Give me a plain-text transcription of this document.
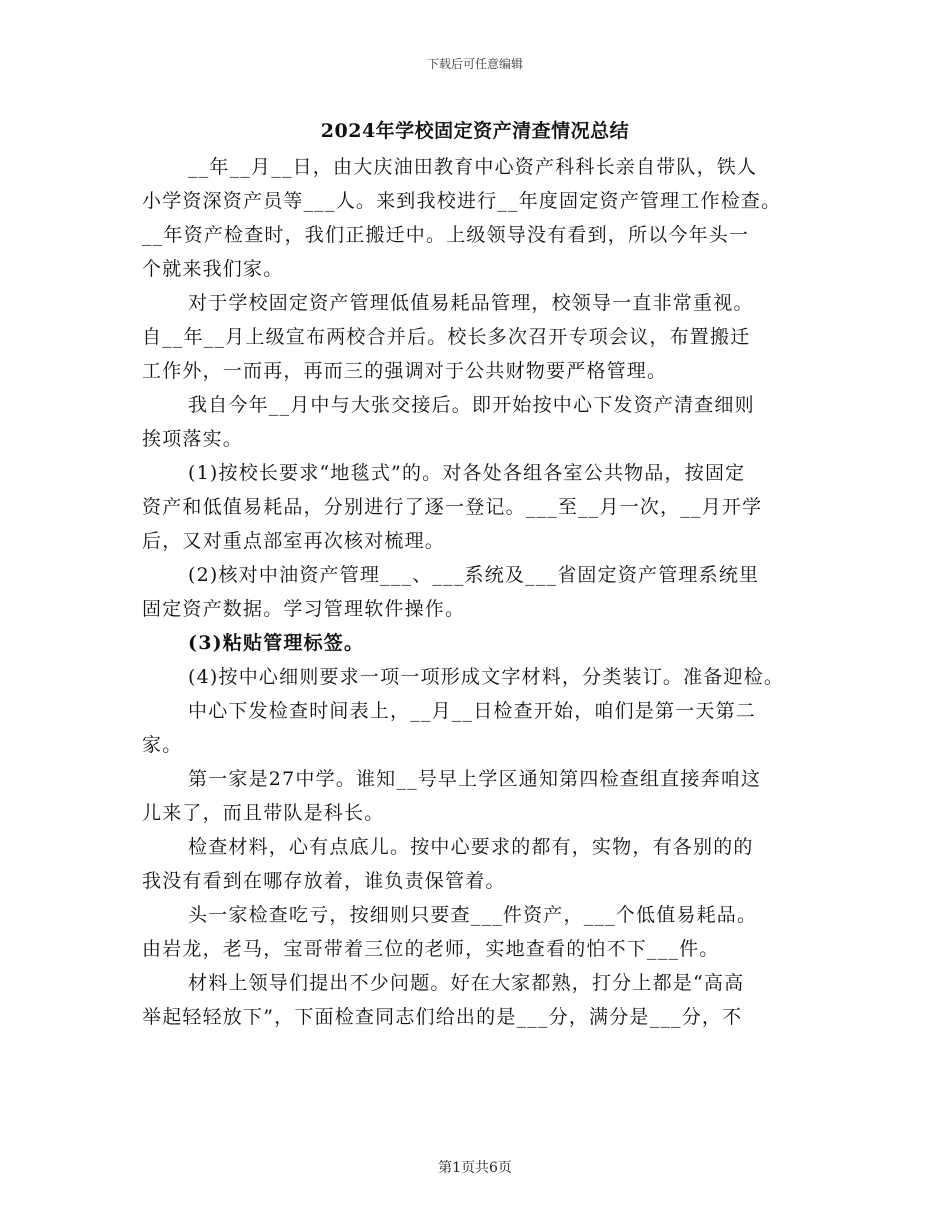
下载后可任意编辑
2024年学校固定资产清查情况总结

__年__月__日，由大庆油田教育中心资产科科长亲自带队，铁人

小学资深资产员等___人。来到我校进行__年度固定资产管理工作检查。

__年资产检查时，我们正搬迁中。上级领导没有看到，所以今年头一

个就来我们家。

对于学校固定资产管理低值易耗品管理，校领导一直非常重视。

自__年__月上级宣布两校合并后。校长多次召开专项会议，布置搬迁

工作外，一而再，再而三的强调对于公共财物要严格管理。

我自今年__月中与大张交接后。即开始按中心下发资产清查细则

挨项落实。

(1)按校长要求“地毯式”的。对各处各组各室公共物品，按固定

资产和低值易耗品，分别进行了逐一登记。___至__月一次，__月开学

后，又对重点部室再次核对梳理。

(2)核对中油资产管理___、___系统及___省固定资产管理系统里

固定资产数据。学习管理软件操作。

(3)粘贴管理标签。

(4)按中心细则要求一项一项形成文字材料，分类装订。准备迎检。

中心下发检查时间表上，__月__日检查开始，咱们是第一天第二

家。

第一家是27中学。谁知__号早上学区通知第四检查组直接奔咱这

儿来了，而且带队是科长。

检查材料，心有点底儿。按中心要求的都有，实物，有各别的的

我没有看到在哪存放着，谁负责保管着。

头一家检查吃亏，按细则只要查___件资产，___个低值易耗品。

由岩龙，老马，宝哥带着三位的老师，实地查看的怕不下___件。

材料上领导们提出不少问题。好在大家都熟，打分上都是“高高

举起轻轻放下”，下面检查同志们给出的是___分，满分是___分，不

第1页共6页
